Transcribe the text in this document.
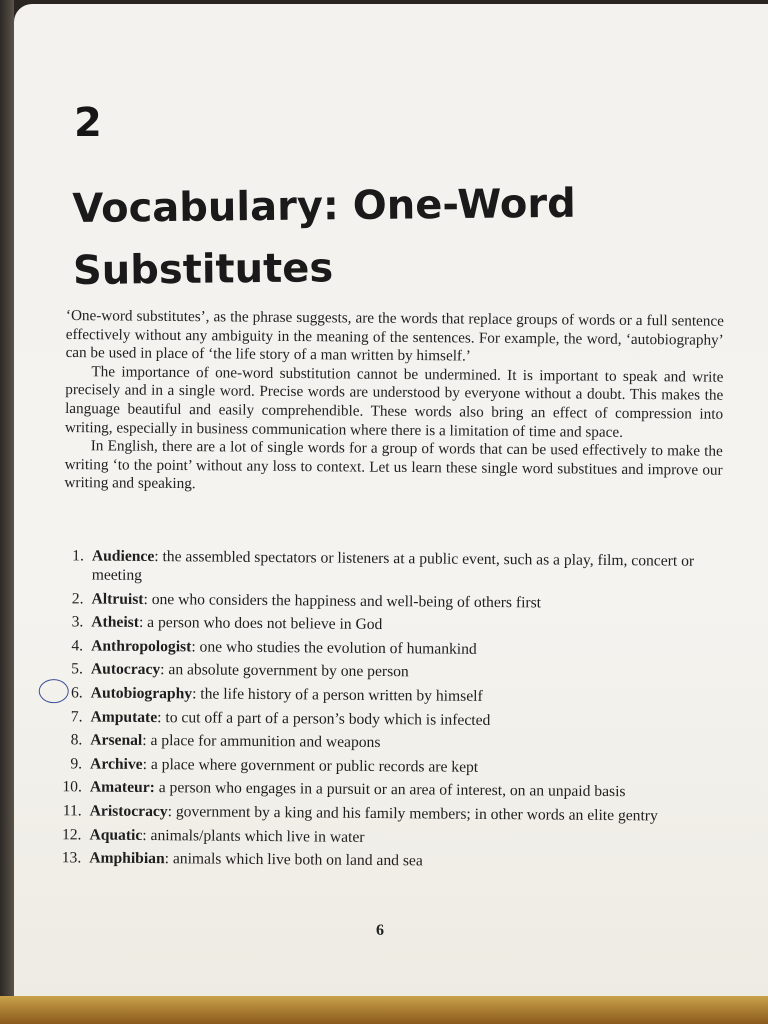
2
Vocabulary: One-Word
Substitutes

‘One-word substitutes’, as the phrase suggests, are the words that replace groups of words or a full sentence effectively without any ambiguity in the meaning of the sentences. For example, the word, ‘autobiography’ can be used in place of ‘the life story of a man written by himself.’

The importance of one-word substitution cannot be undermined. It is important to speak and write precisely and in a single word. Precise words are understood by everyone without a doubt. This makes the language beautiful and easily comprehendible. These words also bring an effect of compression into writing, especially in business communication where there is a limitation of time and space.

In English, there are a lot of single words for a group of words that can be used effectively to make the writing ‘to the point’ without any loss to context. Let us learn these single word substitues and improve our writing and speaking.

1. Audience: the assembled spectators or listeners at a public event, such as a play, film, concert or meeting
2. Altruist: one who considers the happiness and well-being of others first
3. Atheist: a person who does not believe in God
4. Anthropologist: one who studies the evolution of humankind
5. Autocracy: an absolute government by one person
6. Autobiography: the life history of a person written by himself
7. Amputate: to cut off a part of a person’s body which is infected
8. Arsenal: a place for ammunition and weapons
9. Archive: a place where government or public records are kept
10. Amateur: a person who engages in a pursuit or an area of interest, on an unpaid basis
11. Aristocracy: government by a king and his family members; in other words an elite gentry
12. Aquatic: animals/plants which live in water
13. Amphibian: animals which live both on land and sea
6
